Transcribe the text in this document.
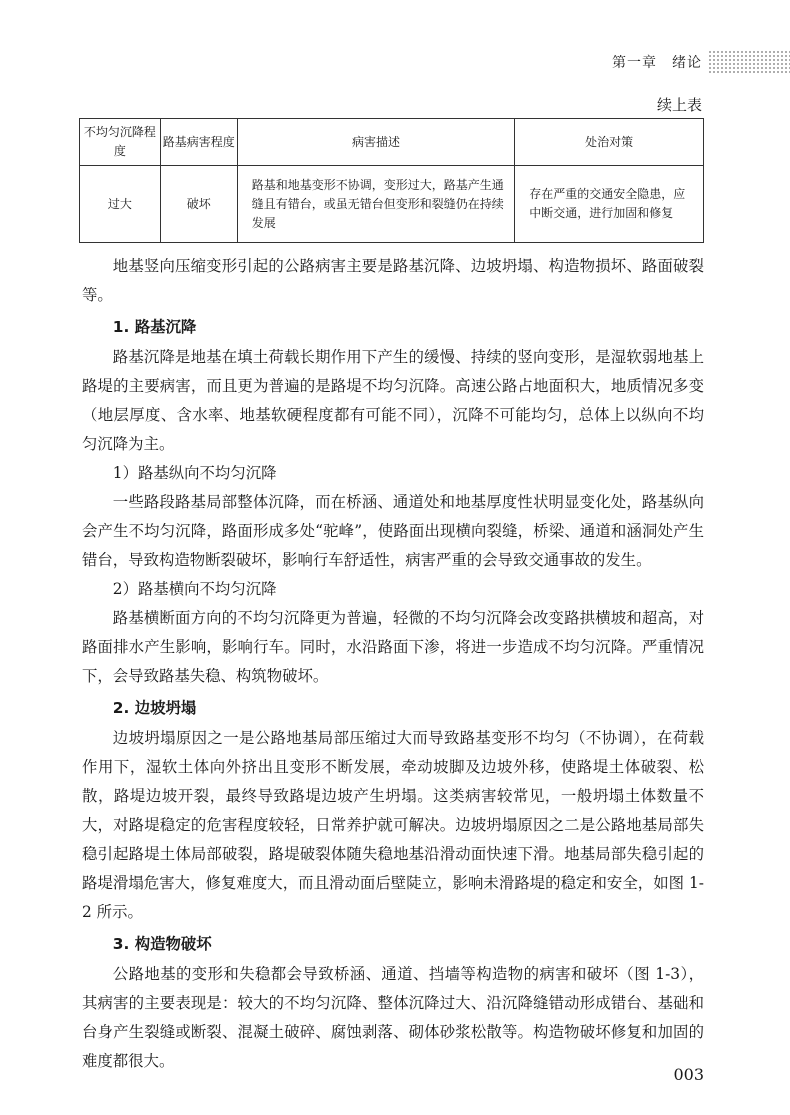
第一章　绪论
续上表
不均匀沉降程度	路基病害程度	病害描述	处治对策
过大	破坏	路基和地基变形不协调，变形过大，路基产生通缝且有错台，或虽无错台但变形和裂缝仍在持续发展	存在严重的交通安全隐患，应中断交通，进行加固和修复

地基竖向压缩变形引起的公路病害主要是路基沉降、边坡坍塌、构造物损坏、路面破裂等。

1. 路基沉降

路基沉降是地基在填土荷载长期作用下产生的缓慢、持续的竖向变形，是湿软弱地基上路堤的主要病害，而且更为普遍的是路堤不均匀沉降。高速公路占地面积大，地质情况多变（地层厚度、含水率、地基软硬程度都有可能不同），沉降不可能均匀，总体上以纵向不均匀沉降为主。

1）路基纵向不均匀沉降

一些路段路基局部整体沉降，而在桥涵、通道处和地基厚度性状明显变化处，路基纵向会产生不均匀沉降，路面形成多处“驼峰”，使路面出现横向裂缝，桥梁、通道和涵洞处产生错台，导致构造物断裂破坏，影响行车舒适性，病害严重的会导致交通事故的发生。

2）路基横向不均匀沉降

路基横断面方向的不均匀沉降更为普遍，轻微的不均匀沉降会改变路拱横坡和超高，对路面排水产生影响，影响行车。同时，水沿路面下渗，将进一步造成不均匀沉降。严重情况下，会导致路基失稳、构筑物破坏。

2. 边坡坍塌

边坡坍塌原因之一是公路地基局部压缩过大而导致路基变形不均匀（不协调），在荷载作用下，湿软土体向外挤出且变形不断发展，牵动坡脚及边坡外移，使路堤土体破裂、松散，路堤边坡开裂，最终导致路堤边坡产生坍塌。这类病害较常见，一般坍塌土体数量不大，对路堤稳定的危害程度较轻，日常养护就可解决。边坡坍塌原因之二是公路地基局部失稳引起路堤土体局部破裂，路堤破裂体随失稳地基沿滑动面快速下滑。地基局部失稳引起的路堤滑塌危害大，修复难度大，而且滑动面后壁陡立，影响未滑路堤的稳定和安全，如图 1-2 所示。

3. 构造物破坏

公路地基的变形和失稳都会导致桥涵、通道、挡墙等构造物的病害和破坏（图 1-3），其病害的主要表现是：较大的不均匀沉降、整体沉降过大、沿沉降缝错动形成错台、基础和台身产生裂缝或断裂、混凝土破碎、腐蚀剥落、砌体砂浆松散等。构造物破坏修复和加固的难度都很大。

003
